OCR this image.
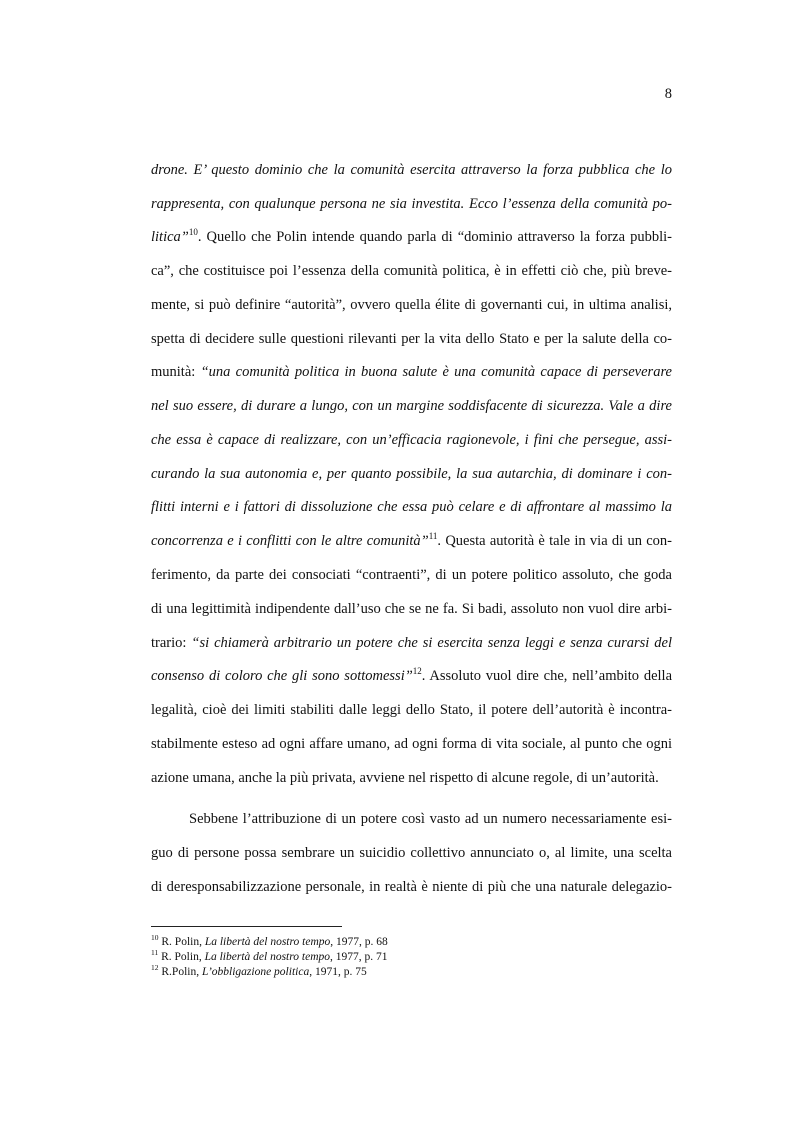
8
drone. E’ questo dominio che la comunità esercita attraverso la forza pubblica che lo
rappresenta, con qualunque persona ne sia investita. Ecco l’essenza della comunità po-
litica”$^{10}$. Quello che Polin intende quando parla di “dominio attraverso la forza pubbli-
ca”, che costituisce poi l’essenza della comunità politica, è in effetti ciò che, più breve-
mente, si può definire “autorità”, ovvero quella élite di governanti cui, in ultima analisi,
spetta di decidere sulle questioni rilevanti per la vita dello Stato e per la salute della co-
munità: “una comunità politica in buona salute è una comunità capace di perseverare
nel suo essere, di durare a lungo, con un margine soddisfacente di sicurezza. Vale a dire
che essa è capace di realizzare, con un’efficacia ragionevole, i fini che persegue, assi-
curando la sua autonomia e, per quanto possibile, la sua autarchia, di dominare i con-
flitti interni e i fattori di dissoluzione che essa può celare e di affrontare al massimo la
concorrenza e i conflitti con le altre comunità”$^{11}$. Questa autorità è tale in via di un con-
ferimento, da parte dei consociati “contraenti”, di un potere politico assoluto, che goda
di una legittimità indipendente dall’uso che se ne fa. Si badi, assoluto non vuol dire arbi-
trario: “si chiamerà arbitrario un potere che si esercita senza leggi e senza curarsi del
consenso di coloro che gli sono sottomessi”$^{12}$. Assoluto vuol dire che, nell’ambito della
legalità, cioè dei limiti stabiliti dalle leggi dello Stato, il potere dell’autorità è incontra-
stabilmente esteso ad ogni affare umano, ad ogni forma di vita sociale, al punto che ogni
azione umana, anche la più privata, avviene nel rispetto di alcune regole, di un’autorità.
Sebbene l’attribuzione di un potere così vasto ad un numero necessariamente esi-
guo di persone possa sembrare un suicidio collettivo annunciato o, al limite, una scelta
di deresponsabilizzazione personale, in realtà è niente di più che una naturale delegazio-
$^{10}$ R. Polin, La libertà del nostro tempo, 1977, p. 68
$^{11}$ R. Polin, La libertà del nostro tempo, 1977, p. 71
$^{12}$ R.Polin, L’obbligazione politica, 1971, p. 75
